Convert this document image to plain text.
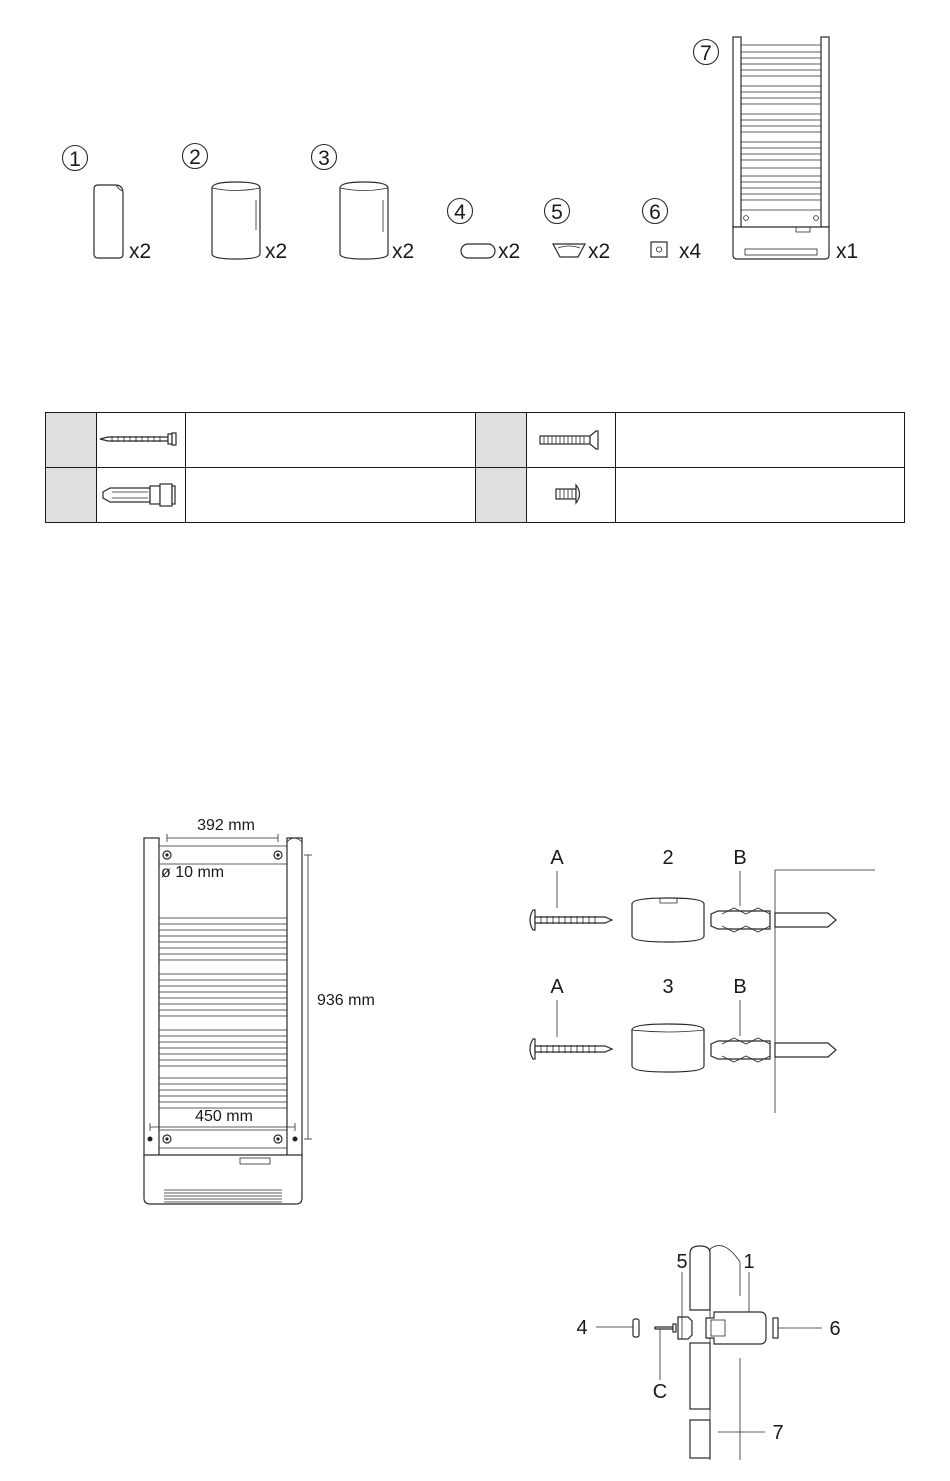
1
x2
2
x2
3
x2
4
x2
5
x2
6
x4
7
x1
392 mm
ø 10 mm
936 mm
450 mm
A	2	B
A	3	B
4
5	1
6
C
7
